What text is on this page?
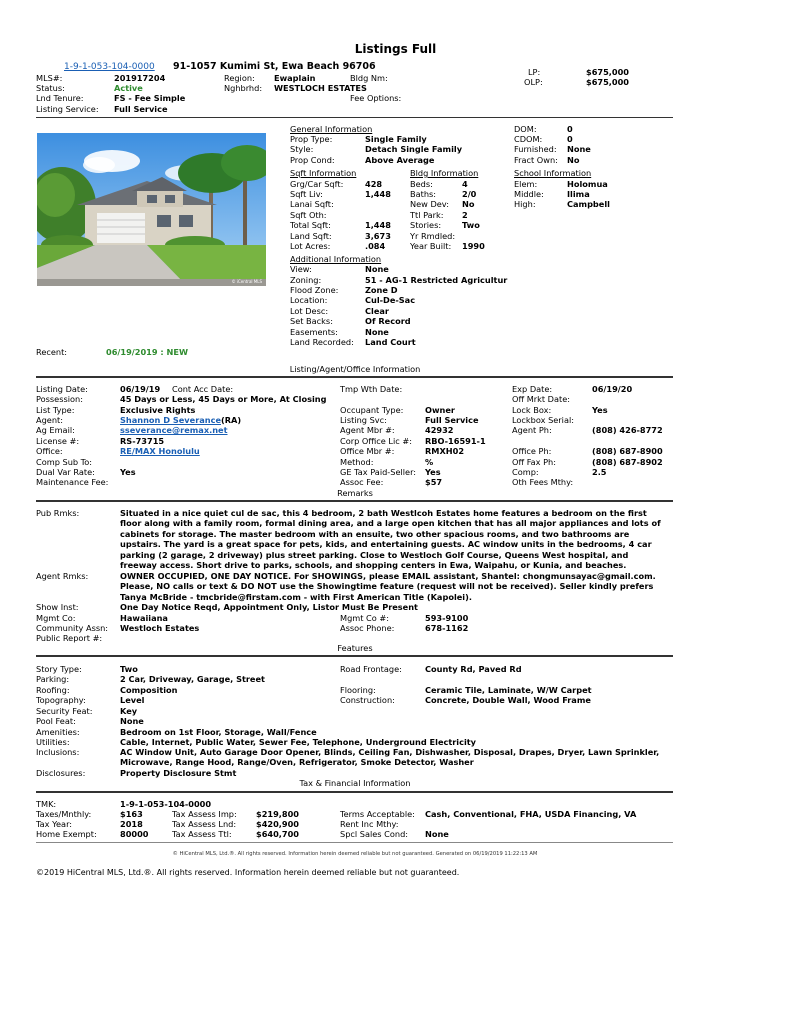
Listings Full
1-9-1-053-104-0000 91-1057 Kumimi St, Ewa Beach 96706
MLS#:	201917204	Region: Ewaplain	Bldg Nm:
Status:	Active	Nghbrhd: WESTLOCH ESTATES
Lnd Tenure:	FS - Fee Simple	Fee Options:
Listing Service: Full Service
LP:	$675,000
OLP:	$675,000
© iCentral MLS
General Information
Prop Type:	Single Family
Style:	Detach Single Family
Prop Cond:	Above Average
DOM:	0
CDOM:	0
Furnished: None
Fract Own: No
Sqft Information
Grg/Car Sqft:	428
Sqft Liv:	1,448
Lanai Sqft:
Sqft Oth:
Total Sqft:	1,448
Land Sqft:	3,673
Lot Acres:	.084
Bldg Information
Beds:	4
Baths:	2/0
New Dev: No
Ttl Park: 2
Stories:	Two
Yr Rmdled:
Year Built: 1990
School Information
Elem:	Holomua
Middle:	Ilima
High:	Campbell
Additional Information
View:	None
Zoning:	51 - AG-1 Restricted Agricultur
Flood Zone:	Zone D
Location:	Cul-De-Sac
Lot Desc:	Clear
Set Backs:	Of Record
Easements:	None
Land Recorded: Land Court
Recent:	06/19/2019 : NEW
Listing/Agent/Office Information
Listing Date:	06/19/19 Cont Acc Date:	Tmp Wth Date:	Exp Date:	06/19/20
Possession:	45 Days or Less, 45 Days or More, At Closing	Off Mrkt Date:
List Type:	Exclusive Rights	Occupant Type:	Owner	Lock Box:	Yes
Agent:	Shannon D Severance(RA)	Listing Svc:	Full Service	Lockbox Serial:
Ag Email:	sseverance@remax.net	Agent Mbr #:	42932	Agent Ph:	(808) 426-8772
License #:	RS-73715	Corp Office Lic #: RBO-16591-1
Office:	RE/MAX Honolulu	Office Mbr #:	RMXH02	Office Ph:	(808) 687-8900
Comp Sub To:	Method:	%	Off Fax Ph:	(808) 687-8902
Dual Var Rate:	Yes	GE Tax Paid-Seller: Yes	Comp:	2.5
Maintenance Fee:	Assoc Fee:	$57	Oth Fees Mthy:
Remarks
Pub Rmks:	Situated in a nice quiet cul de sac, this 4 bedroom, 2 bath Westlcoh Estates home features a bedroom on the first floor along with a family room, formal dining area, and a large open kitchen that has all major appliances and lots of cabinets for storage. The master bedroom with an ensuite, two other spacious rooms, and two bathrooms are upstairs. The yard is a great space for pets, kids, and entertaining guests. AC window units in the bedrooms, 4 car parking (2 garage, 2 driveway) plus street parking. Close to Westloch Golf Course, Queens West hospital, and freeway access. Short drive to parks, schools, and shopping centers in Ewa, Waipahu, or Kunia, and beaches.
Agent Rmks:	OWNER OCCUPIED, ONE DAY NOTICE. For SHOWINGS, please EMAIL assistant, Shantel: chongmunsayac@gmail.com. Please, NO calls or text & DO NOT use the Showingtime feature (request will not be received). Seller kindly prefers Tanya McBride - tmcbride@firstam.com - with First American Title (Kapolei).
Show Inst:	One Day Notice Reqd, Appointment Only, Listor Must Be Present
Mgmt Co:	Hawaiiana	Mgmt Co #:	593-9100
Community Assn: Westloch Estates	Assoc Phone:	678-1162
Public Report #:
Features
Story Type:	Two	Road Frontage:	County Rd, Paved Rd
Parking:	2 Car, Driveway, Garage, Street
Roofing:	Composition	Flooring:	Ceramic Tile, Laminate, W/W Carpet
Topography:	Level	Construction:	Concrete, Double Wall, Wood Frame
Security Feat:	Key
Pool Feat:	None
Amenities:	Bedroom on 1st Floor, Storage, Wall/Fence
Utilities:	Cable, Internet, Public Water, Sewer Fee, Telephone, Underground Electricity
Inclusions:	AC Window Unit, Auto Garage Door Opener, Blinds, Ceiling Fan, Dishwasher, Disposal, Drapes, Dryer, Lawn Sprinkler, Microwave, Range Hood, Range/Oven, Refrigerator, Smoke Detector, Washer
Disclosures:	Property Disclosure Stmt
Tax & Financial Information
TMK:	1-9-1-053-104-0000
Taxes/Mnthly:	$163	Tax Assess Imp: $219,800	Terms Acceptable: Cash, Conventional, FHA, USDA Financing, VA
Tax Year:	2018	Tax Assess Lnd: $420,900	Rent Inc Mthy:
Home Exempt:	80000	Tax Assess Ttl:	$640,700	Spcl Sales Cond: None
© HiCentral MLS, Ltd.®. All rights reserved. Information herein deemed reliable but not guaranteed. Generated on 06/19/2019 11:22:13 AM
©2019 HiCentral MLS, Ltd.®. All rights reserved. Information herein deemed reliable but not guaranteed.
